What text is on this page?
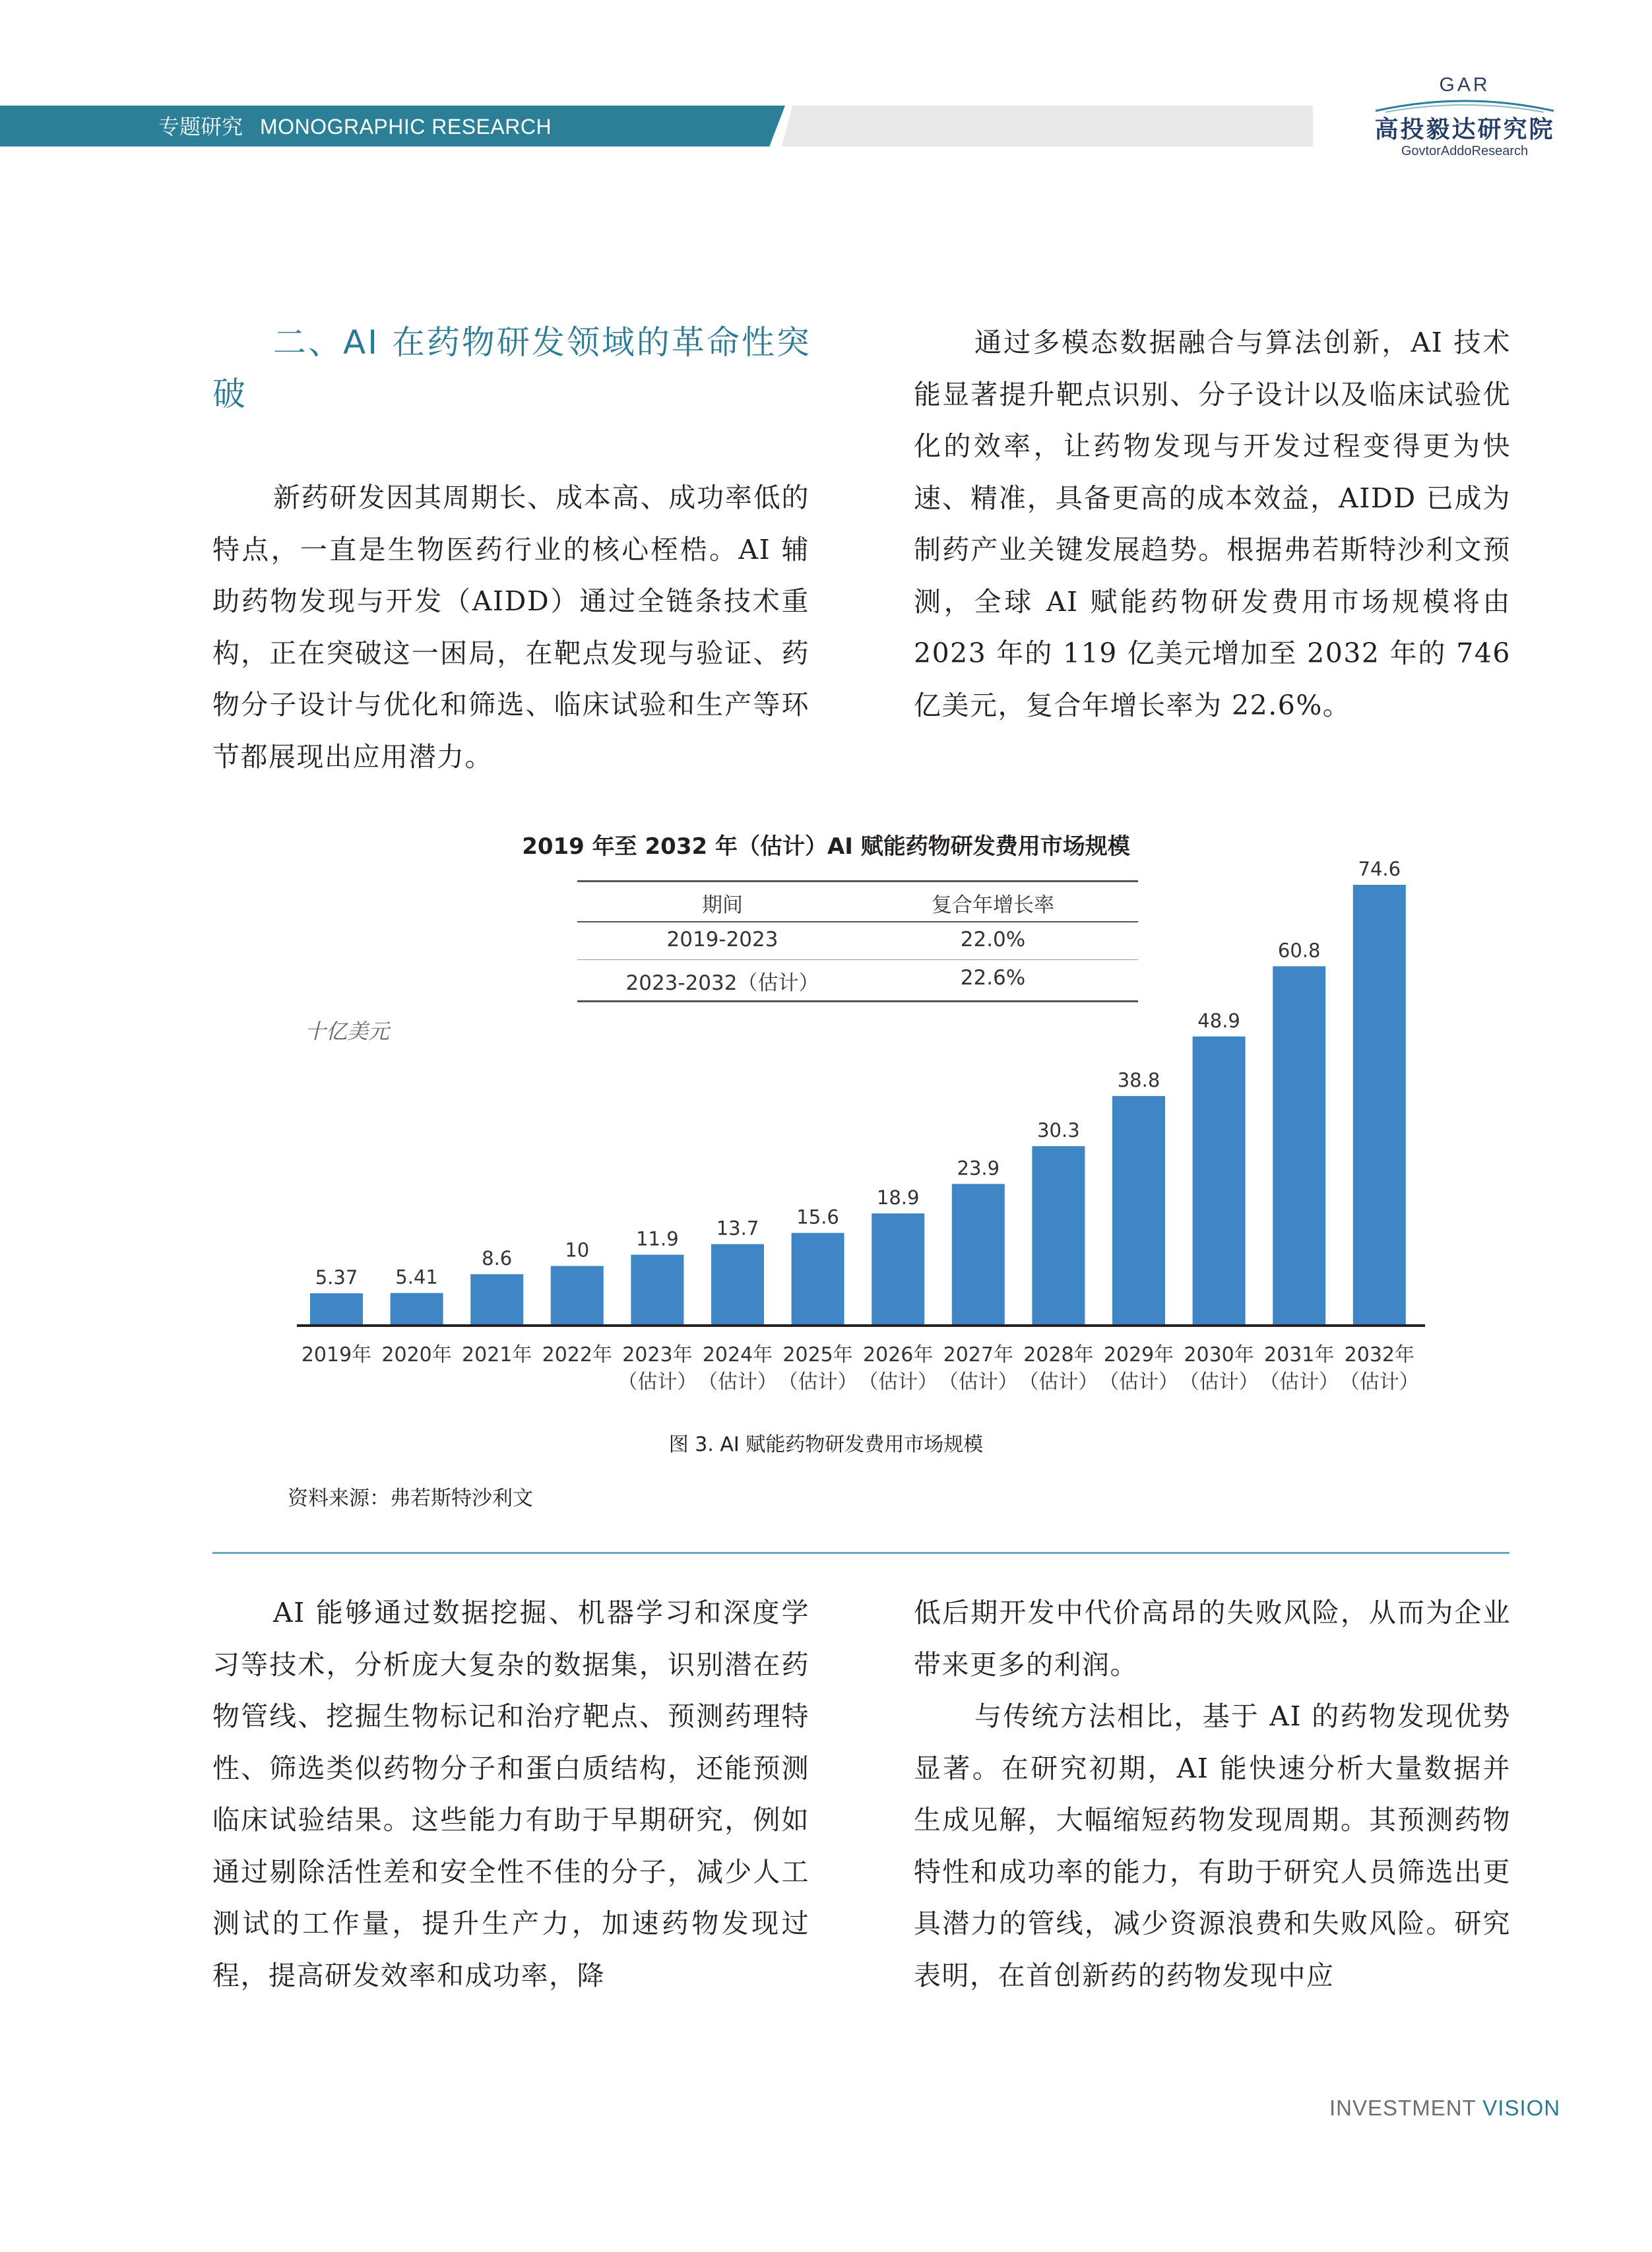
专题研究 MONOGRAPHIC RESEARCH
GAR
高投毅达研究院
GovtorAddoResearch
二、AI 在药物研发领域的革命性突破

新药研发因其周期长、成本高、成功率低的特点，一直是生物医药行业的核心桎梏。AI 辅助药物发现与开发（AIDD）通过全链条技术重构，正在突破这一困局，在靶点发现与验证、药物分子设计与优化和筛选、临床试验和生产等环节都展现出应用潜力。

通过多模态数据融合与算法创新，AI 技术能显著提升靶点识别、分子设计以及临床试验优化的效率，让药物发现与开发过程变得更为快速、精准，具备更高的成本效益，AIDD 已成为制药产业关键发展趋势。根据弗若斯特沙利文预测，全球 AI 赋能药物研发费用市场规模将由 2023 年的 119 亿美元增加至 2032 年的 746 亿美元，复合年增长率为 22.6%。

2019 年至 2032 年（估计）AI 赋能药物研发费用市场规模
期间	复合年增长率
2019-2023	22.0%
2023-2032（估计）	22.6%
十亿美元
5.37
2019年
5.41
2020年
8.6
2021年
10
2022年
11.9
2023年
（估计）
13.7
2024年
（估计）
15.6
2025年
（估计）
18.9
2026年
（估计）
23.9
2027年
（估计）
30.3
2028年
（估计）
38.8
2029年
（估计）
48.9
2030年
（估计）
60.8
2031年
（估计）
74.6
2032年
（估计）
图 3. AI 赋能药物研发费用市场规模
资料来源：弗若斯特沙利文

AI 能够通过数据挖掘、机器学习和深度学习等技术，分析庞大复杂的数据集，识别潜在药物管线、挖掘生物标记和治疗靶点、预测药理特性、筛选类似药物分子和蛋白质结构，还能预测临床试验结果。这些能力有助于早期研究，例如通过剔除活性差和安全性不佳的分子，减少人工测试的工作量，提升生产力，加速药物发现过程，提高研发效率和成功率，降

低后期开发中代价高昂的失败风险，从而为企业带来更多的利润。

与传统方法相比，基于 AI 的药物发现优势显著。在研究初期，AI 能快速分析大量数据并生成见解，大幅缩短药物发现周期。其预测药物特性和成功率的能力，有助于研究人员筛选出更具潜力的管线，减少资源浪费和失败风险。研究表明，在首创新药的药物发现中应

INVESTMENT VISION
